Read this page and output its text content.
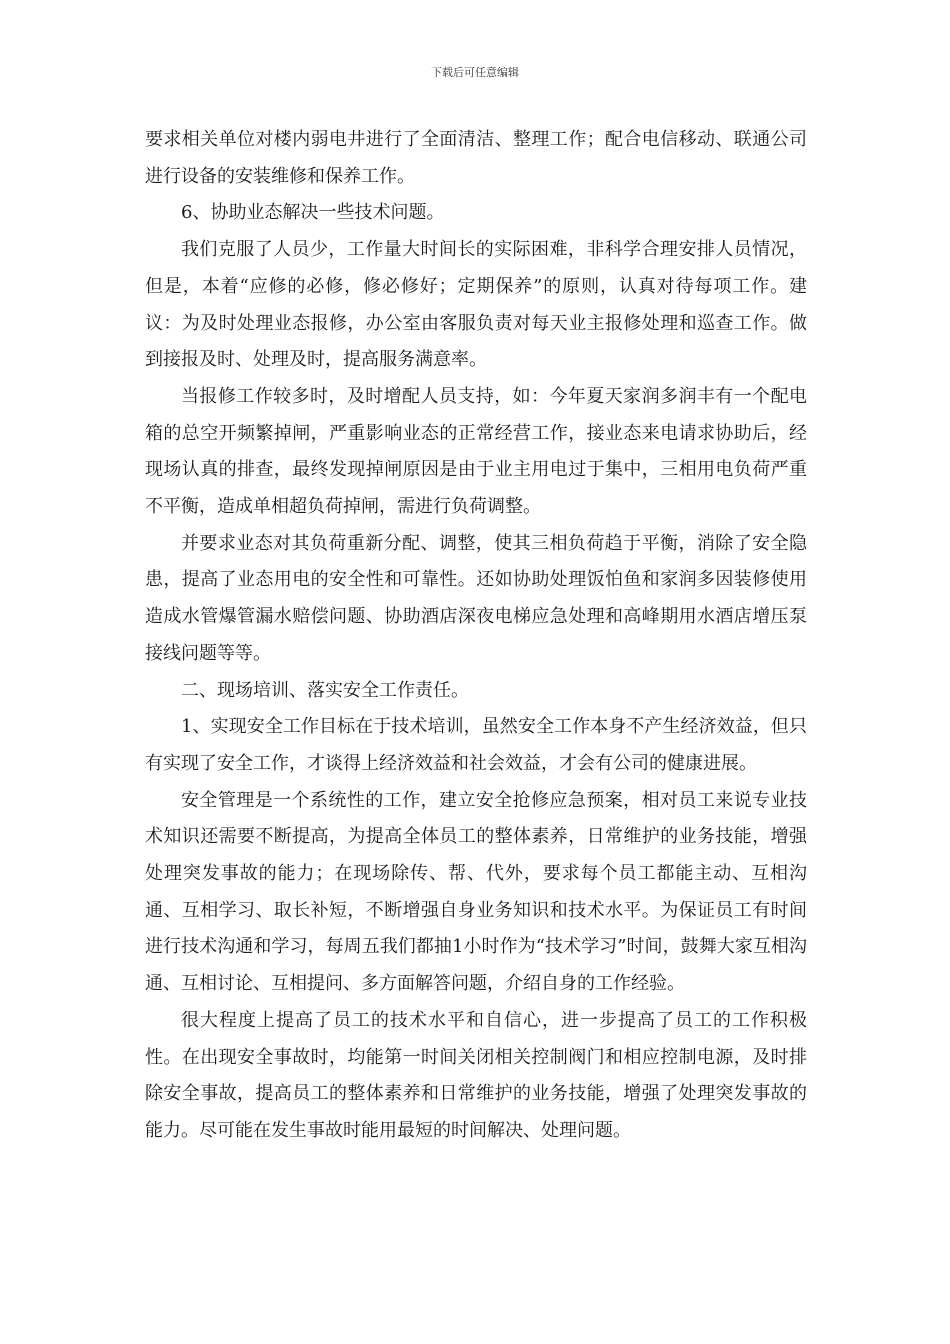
下载后可任意编辑

要求相关单位对楼内弱电井进行了全面清洁、整理工作；配合电信移动、联通公司进行设备的安装维修和保养工作。

6、协助业态解决一些技术问题。

我们克服了人员少，工作量大时间长的实际困难，非科学合理安排人员情况，但是，本着“应修的必修，修必修好；定期保养”的原则，认真对待每项工作。建议：为及时处理业态报修，办公室由客服负责对每天业主报修处理和巡查工作。做到接报及时、处理及时，提高服务满意率。

当报修工作较多时，及时增配人员支持，如：今年夏天家润多润丰有一个配电箱的总空开频繁掉闸，严重影响业态的正常经营工作，接业态来电请求协助后，经现场认真的排查，最终发现掉闸原因是由于业主用电过于集中，三相用电负荷严重不平衡，造成单相超负荷掉闸，需进行负荷调整。

并要求业态对其负荷重新分配、调整，使其三相负荷趋于平衡，消除了安全隐患，提高了业态用电的安全性和可靠性。还如协助处理饭怕鱼和家润多因装修使用造成水管爆管漏水赔偿问题、协助酒店深夜电梯应急处理和高峰期用水酒店增压泵接线问题等等。

二、现场培训、落实安全工作责任。

1、实现安全工作目标在于技术培训，虽然安全工作本身不产生经济效益，但只有实现了安全工作，才谈得上经济效益和社会效益，才会有公司的健康进展。

安全管理是一个系统性的工作，建立安全抢修应急预案，相对员工来说专业技术知识还需要不断提高，为提高全体员工的整体素养，日常维护的业务技能，增强处理突发事故的能力；在现场除传、帮、代外，要求每个员工都能主动、互相沟通、互相学习、取长补短，不断增强自身业务知识和技术水平。为保证员工有时间进行技术沟通和学习，每周五我们都抽1小时作为“技术学习”时间，鼓舞大家互相沟通、互相讨论、互相提问、多方面解答问题，介绍自身的工作经验。

很大程度上提高了员工的技术水平和自信心，进一步提高了员工的工作积极性。在出现安全事故时，均能第一时间关闭相关控制阀门和相应控制电源，及时排除安全事故，提高员工的整体素养和日常维护的业务技能，增强了处理突发事故的能力。尽可能在发生事故时能用最短的时间解决、处理问题。
